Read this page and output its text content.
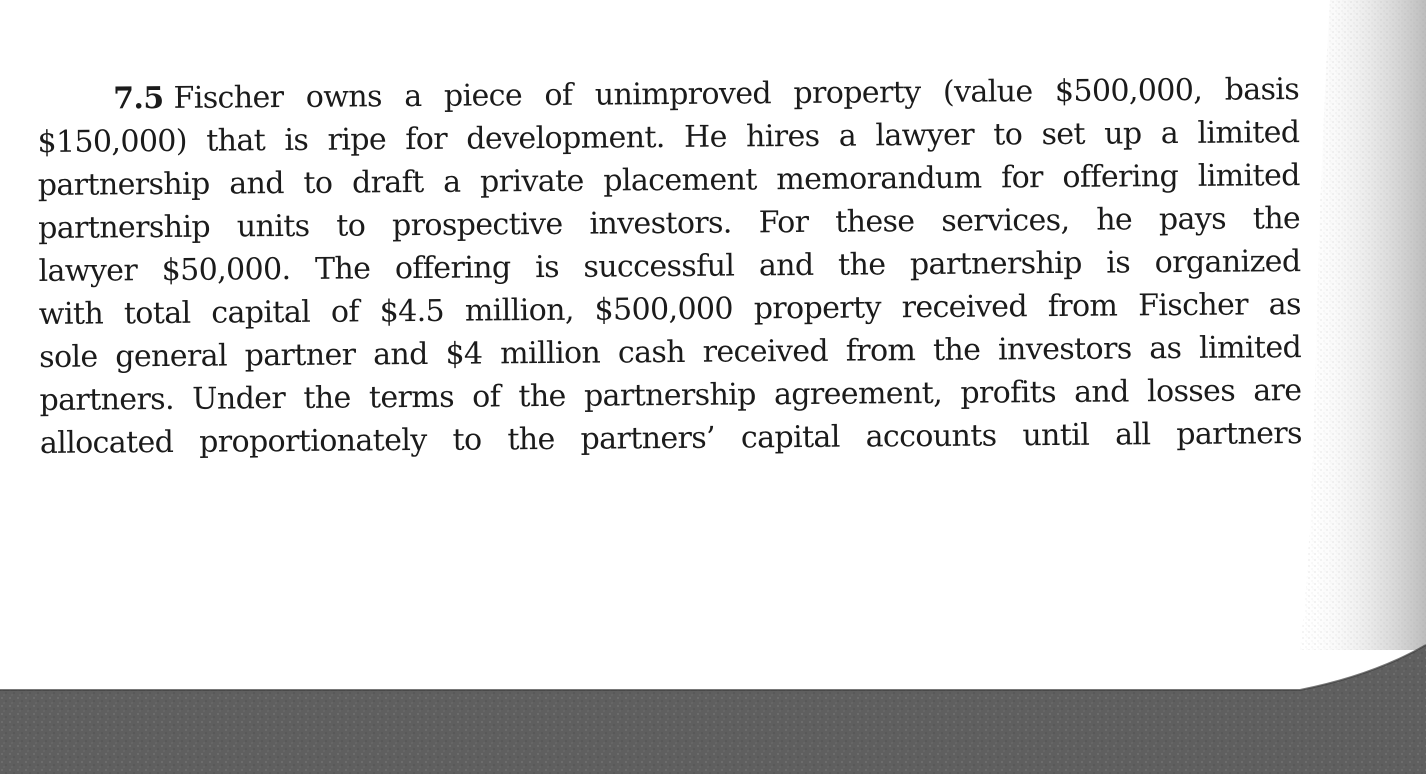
7.5 Fischer owns a piece of unimproved property (value $500,000, basis
$150,000) that is ripe for development. He hires a lawyer to set up a limited
partnership and to draft a private placement memorandum for offering limited
partnership units to prospective investors. For these services, he pays the
lawyer $50,000. The offering is successful and the partnership is organized
with total capital of $4.5 million, $500,000 property received from Fischer as
sole general partner and $4 million cash received from the investors as limited
partners. Under the terms of the partnership agreement, profits and losses are
allocated proportionately to the partners’ capital accounts until all partners
